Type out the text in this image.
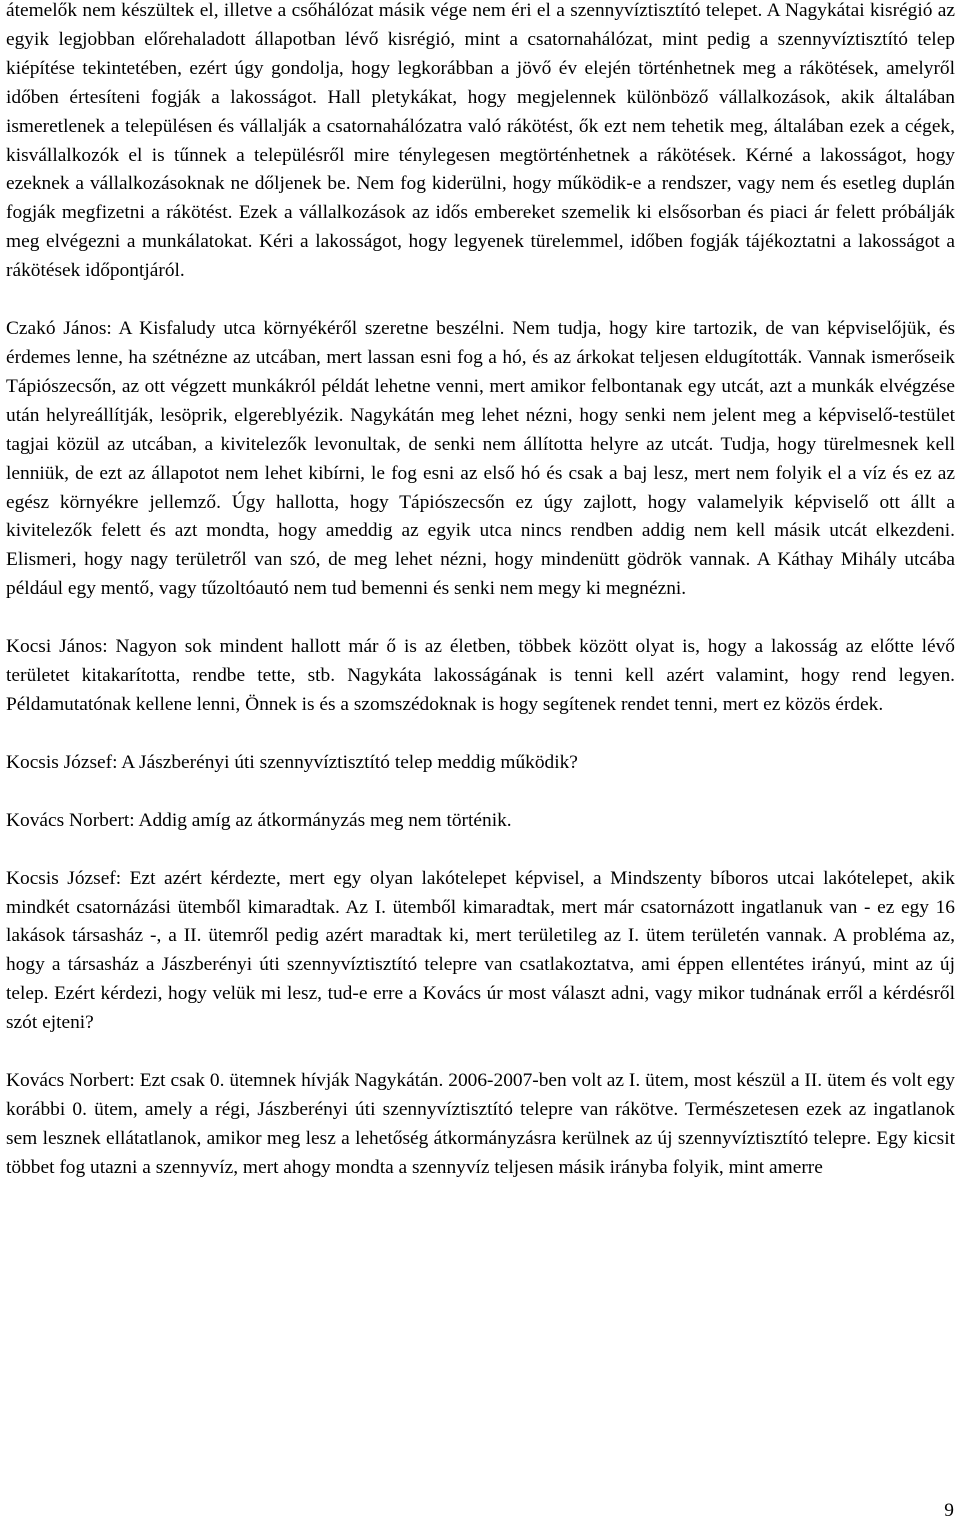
átemelők nem készültek el, illetve a csőhálózat másik vége nem éri el a szennyvíztisztító telepet. A Nagykátai kisrégió az egyik legjobban előrehaladott állapotban lévő kisrégió, mint a csatornahálózat, mint pedig a szennyvíztisztító telep kiépítése tekintetében, ezért úgy gondolja, hogy legkorábban a jövő év elején történhetnek meg a rákötések, amelyről időben értesíteni fogják a lakosságot. Hall pletykákat, hogy megjelennek különböző vállalkozások, akik általában ismeretlenek a településen és vállalják a csatornahálózatra való rákötést, ők ezt nem tehetik meg, általában ezek a cégek, kisvállalkozók el is tűnnek a településről mire ténylegesen megtörténhetnek a rákötések. Kérné a lakosságot, hogy ezeknek a vállalkozásoknak ne dőljenek be. Nem fog kiderülni, hogy működik-e a rendszer, vagy nem és esetleg duplán fogják megfizetni a rákötést. Ezek a vállalkozások az idős embereket szemelik ki elsősorban és piaci ár felett próbálják meg elvégezni a munkálatokat. Kéri a lakosságot, hogy legyenek türelemmel, időben fogják tájékoztatni a lakosságot a rákötések időpontjáról.

Czakó János: A Kisfaludy utca környékéről szeretne beszélni. Nem tudja, hogy kire tartozik, de van képviselőjük, és érdemes lenne, ha szétnézne az utcában, mert lassan esni fog a hó, és az árkokat teljesen eldugították. Vannak ismerőseik Tápiószecsőn, az ott végzett munkákról példát lehetne venni, mert amikor felbontanak egy utcát, azt a munkák elvégzése után helyreállítják, lesöprik, elgereblyézik. Nagykátán meg lehet nézni, hogy senki nem jelent meg a képviselő-testület tagjai közül az utcában, a kivitelezők levonultak, de senki nem állította helyre az utcát. Tudja, hogy türelmesnek kell lenniük, de ezt az állapotot nem lehet kibírni, le fog esni az első hó és csak a baj lesz, mert nem folyik el a víz és ez az egész környékre jellemző. Úgy hallotta, hogy Tápiószecsőn ez úgy zajlott, hogy valamelyik képviselő ott állt a kivitelezők felett és azt mondta, hogy ameddig az egyik utca nincs rendben addig nem kell másik utcát elkezdeni. Elismeri, hogy nagy területről van szó, de meg lehet nézni, hogy mindenütt gödrök vannak. A Káthay Mihály utcába például egy mentő, vagy tűzoltóautó nem tud bemenni és senki nem megy ki megnézni.

Kocsi János: Nagyon sok mindent hallott már ő is az életben, többek között olyat is, hogy a lakosság az előtte lévő területet kitakarította, rendbe tette, stb. Nagykáta lakosságának is tenni kell azért valamint, hogy rend legyen. Példamutatónak kellene lenni, Önnek is és a szomszédoknak is hogy segítenek rendet tenni, mert ez közös érdek.

Kocsis József: A Jászberényi úti szennyvíztisztító telep meddig működik?

Kovács Norbert: Addig amíg az átkormányzás meg nem történik.

Kocsis József: Ezt azért kérdezte, mert egy olyan lakótelepet képvisel, a Mindszenty bíboros utcai lakótelepet, akik mindkét csatornázási ütemből kimaradtak. Az I. ütemből kimaradtak, mert már csatornázott ingatlanuk van - ez egy 16 lakások társasház -, a II. ütemről pedig azért maradtak ki, mert területileg az I. ütem területén vannak. A probléma az, hogy a társasház a Jászberényi úti szennyvíztisztító telepre van csatlakoztatva, ami éppen ellentétes irányú, mint az új telep. Ezért kérdezi, hogy velük mi lesz, tud-e erre a Kovács úr most választ adni, vagy mikor tudnának erről a kérdésről szót ejteni?

Kovács Norbert: Ezt csak 0. ütemnek hívják Nagykátán. 2006-2007-ben volt az I. ütem, most készül a II. ütem és volt egy korábbi 0. ütem, amely a régi, Jászberényi úti szennyvíztisztító telepre van rákötve. Természetesen ezek az ingatlanok sem lesznek ellátatlanok, amikor meg lesz a lehetőség átkormányzásra kerülnek az új szennyvíztisztító telepre. Egy kicsit többet fog utazni a szennyvíz, mert ahogy mondta a szennyvíz teljesen másik irányba folyik, mint amerre

9
